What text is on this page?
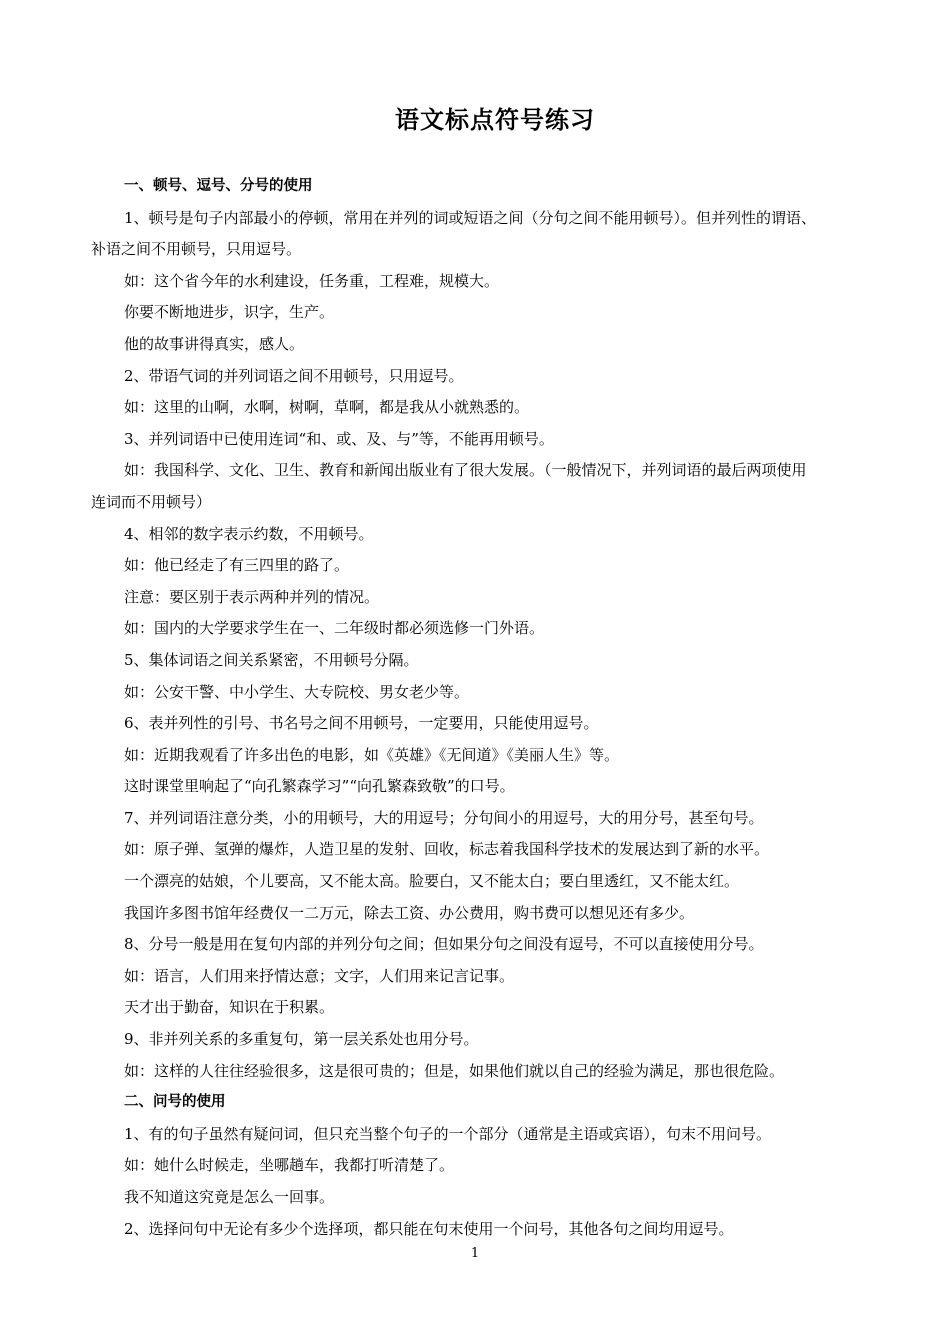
语文标点符号练习
一、顿号、逗号、分号的使用
1、顿号是句子内部最小的停顿，常用在并列的词或短语之间（分句之间不能用顿号）。但并列性的谓语、
补语之间不用顿号，只用逗号。
如：这个省今年的水利建设，任务重，工程难，规模大。
你要不断地进步，识字，生产。
他的故事讲得真实，感人。
2、带语气词的并列词语之间不用顿号，只用逗号。
如：这里的山啊，水啊，树啊，草啊，都是我从小就熟悉的。
3、并列词语中已使用连词“和、或、及、与”等，不能再用顿号。
如：我国科学、文化、卫生、教育和新闻出版业有了很大发展。（一般情况下，并列词语的最后两项使用
连词而不用顿号）
4、相邻的数字表示约数，不用顿号。
如：他已经走了有三四里的路了。
注意：要区别于表示两种并列的情况。
如：国内的大学要求学生在一、二年级时都必须选修一门外语。
5、集体词语之间关系紧密，不用顿号分隔。
如：公安干警、中小学生、大专院校、男女老少等。
6、表并列性的引号、书名号之间不用顿号，一定要用，只能使用逗号。
如：近期我观看了许多出色的电影，如《英雄》《无间道》《美丽人生》等。
这时课堂里响起了“向孔繁森学习”“向孔繁森致敬”的口号。
7、并列词语注意分类，小的用顿号，大的用逗号；分句间小的用逗号，大的用分号，甚至句号。
如：原子弹、氢弹的爆炸，人造卫星的发射、回收，标志着我国科学技术的发展达到了新的水平。
一个漂亮的姑娘，个儿要高，又不能太高。脸要白，又不能太白；要白里透红，又不能太红。
我国许多图书馆年经费仅一二万元，除去工资、办公费用，购书费可以想见还有多少。
8、分号一般是用在复句内部的并列分句之间；但如果分句之间没有逗号，不可以直接使用分号。
如：语言，人们用来抒情达意；文字，人们用来记言记事。
天才出于勤奋，知识在于积累。
9、非并列关系的多重复句，第一层关系处也用分号。
如：这样的人往往经验很多，这是很可贵的；但是，如果他们就以自己的经验为满足，那也很危险。
二、问号的使用
1、有的句子虽然有疑问词，但只充当整个句子的一个部分（通常是主语或宾语），句末不用问号。
如：她什么时候走，坐哪趟车，我都打听清楚了。
我不知道这究竟是怎么一回事。
2、选择问句中无论有多少个选择项，都只能在句末使用一个问号，其他各句之间均用逗号。
1
